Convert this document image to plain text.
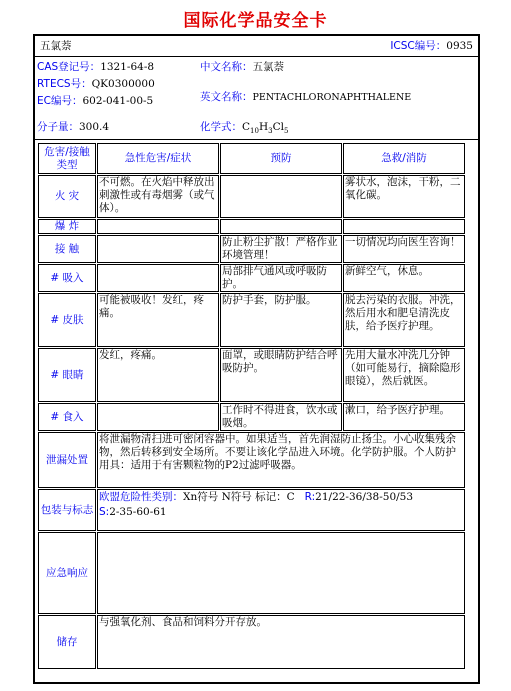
国际化学品安全卡
五氯萘	ICSC编号：0935
CAS登记号：1321-64-8
RTECS号：QK0300000
EC编号：602-041-00-5
中文名称：五氯萘
英文名称：PENTACHLORONAPHTHALENE
分子量：300.4	化学式：$C_{10}H_3Cl_5$
危害/接触类型	急性危害/症状	预防	急救/消防
火 灾	不可燃。在火焰中释放出刺激性或有毒烟雾（或气体）。		雾状水，泡沫，干粉，二氧化碳。
爆 炸			
接 触		防止粉尘扩散！严格作业环境管理！	一切情况均向医生咨询！
# 吸入		局部排气通风或呼吸防护。	新鲜空气，休息。
# 皮肤	可能被吸收！发红，疼痛。	防护手套，防护服。	脱去污染的衣服。冲洗，然后用水和肥皂清洗皮肤，给予医疗护理。
# 眼睛	发红，疼痛。	面罩，或眼睛防护结合呼吸防护。	先用大量水冲洗几分钟（如可能易行，摘除隐形眼镜），然后就医。
# 食入		工作时不得进食，饮水或吸烟。	漱口，给予医疗护理。
泄漏处置	将泄漏物清扫进可密闭容器中。如果适当，首先润湿防止扬尘。小心收集残余物，然后转移到安全场所。不要让该化学品进入环境。化学防护服。个人防护用具：适用于有害颗粒物的P2过滤呼吸器。		
包装与标志	欧盟危险性类别：Xn符号 N符号 标记：C R:21/22-36/38-50/53
S:2-35-60-61		

应急响应			
储存	与强氧化剂、食品和饲料分开存放。		
